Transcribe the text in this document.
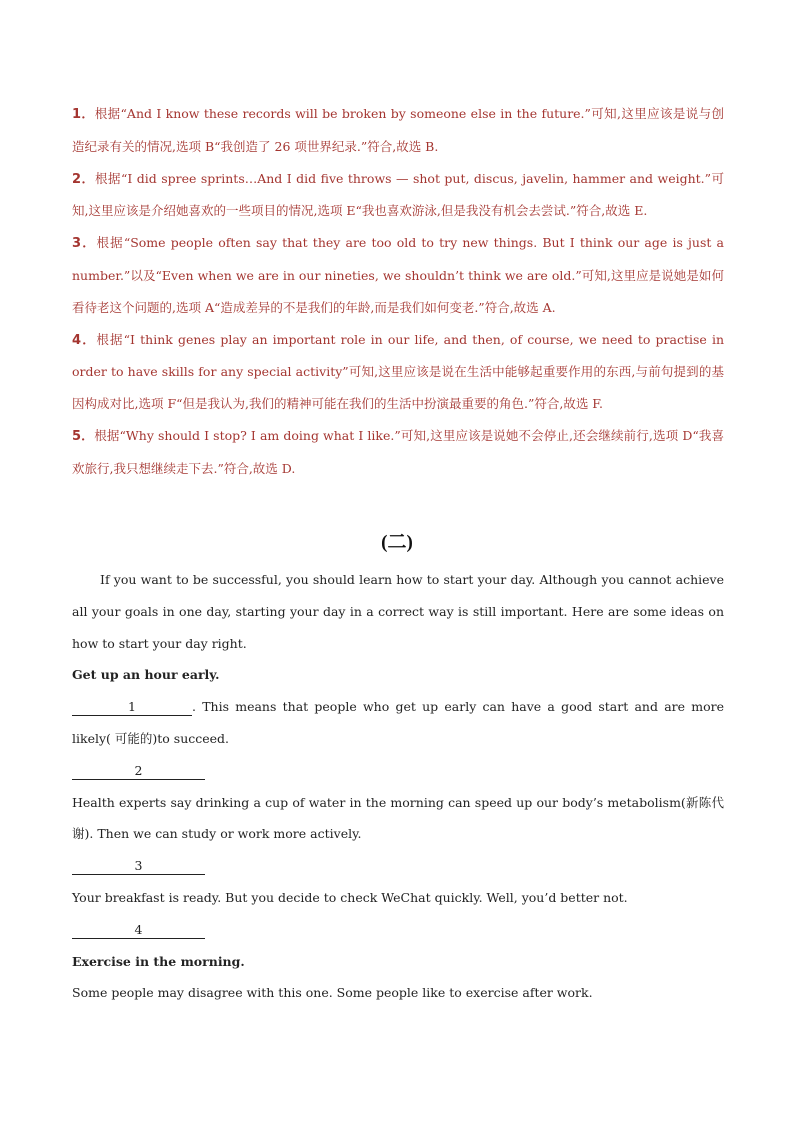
1．根据“And I know these records will be broken by someone else in the future.”可知,这里应该是说与创造纪录有关的情况,选项 B“我创造了 26 项世界纪录.”符合,故选 B.

2．根据“I did spree sprints…And I did five throws — shot put, discus, javelin, hammer and weight.”可知,这里应该是介绍她喜欢的一些项目的情况,选项 E“我也喜欢游泳,但是我没有机会去尝试.”符合,故选 E.

3．根据“Some people often say that they are too old to try new things. But I think our age is just a number.”以及“Even when we are in our nineties, we shouldn’t think we are old.”可知,这里应是说她是如何看待老这个问题的,选项 A“造成差异的不是我们的年龄,而是我们如何变老.”符合,故选 A.

4．根据“I think genes play an important role in our life, and then, of course, we need to practise in order to have skills for any special activity”可知,这里应该是说在生活中能够起重要作用的东西,与前句提到的基因构成对比,选项 F“但是我认为,我们的精神可能在我们的生活中扮演最重要的角色.”符合,故选 F.

5．根据“Why should I stop? I am doing what I like.”可知,这里应该是说她不会停止,还会继续前行,选项 D“我喜欢旅行,我只想继续走下去.”符合,故选 D.

(二)

If you want to be successful, you should learn how to start your day. Although you cannot achieve all your goals in one day, starting your day in a correct way is still important. Here are some ideas on how to start your day right.

Get up an hour early.

1	. This means that people who get up early can have a good start and are more likely( 可能的)to succeed.

2

Health experts say drinking a cup of water in the morning can speed up our body’s metabolism(新陈代谢). Then we can study or work more actively.

3

Your breakfast is ready. But you decide to check WeChat quickly. Well, you’d better not.

4

Exercise in the morning.

Some people may disagree with this one. Some people like to exercise after work.
